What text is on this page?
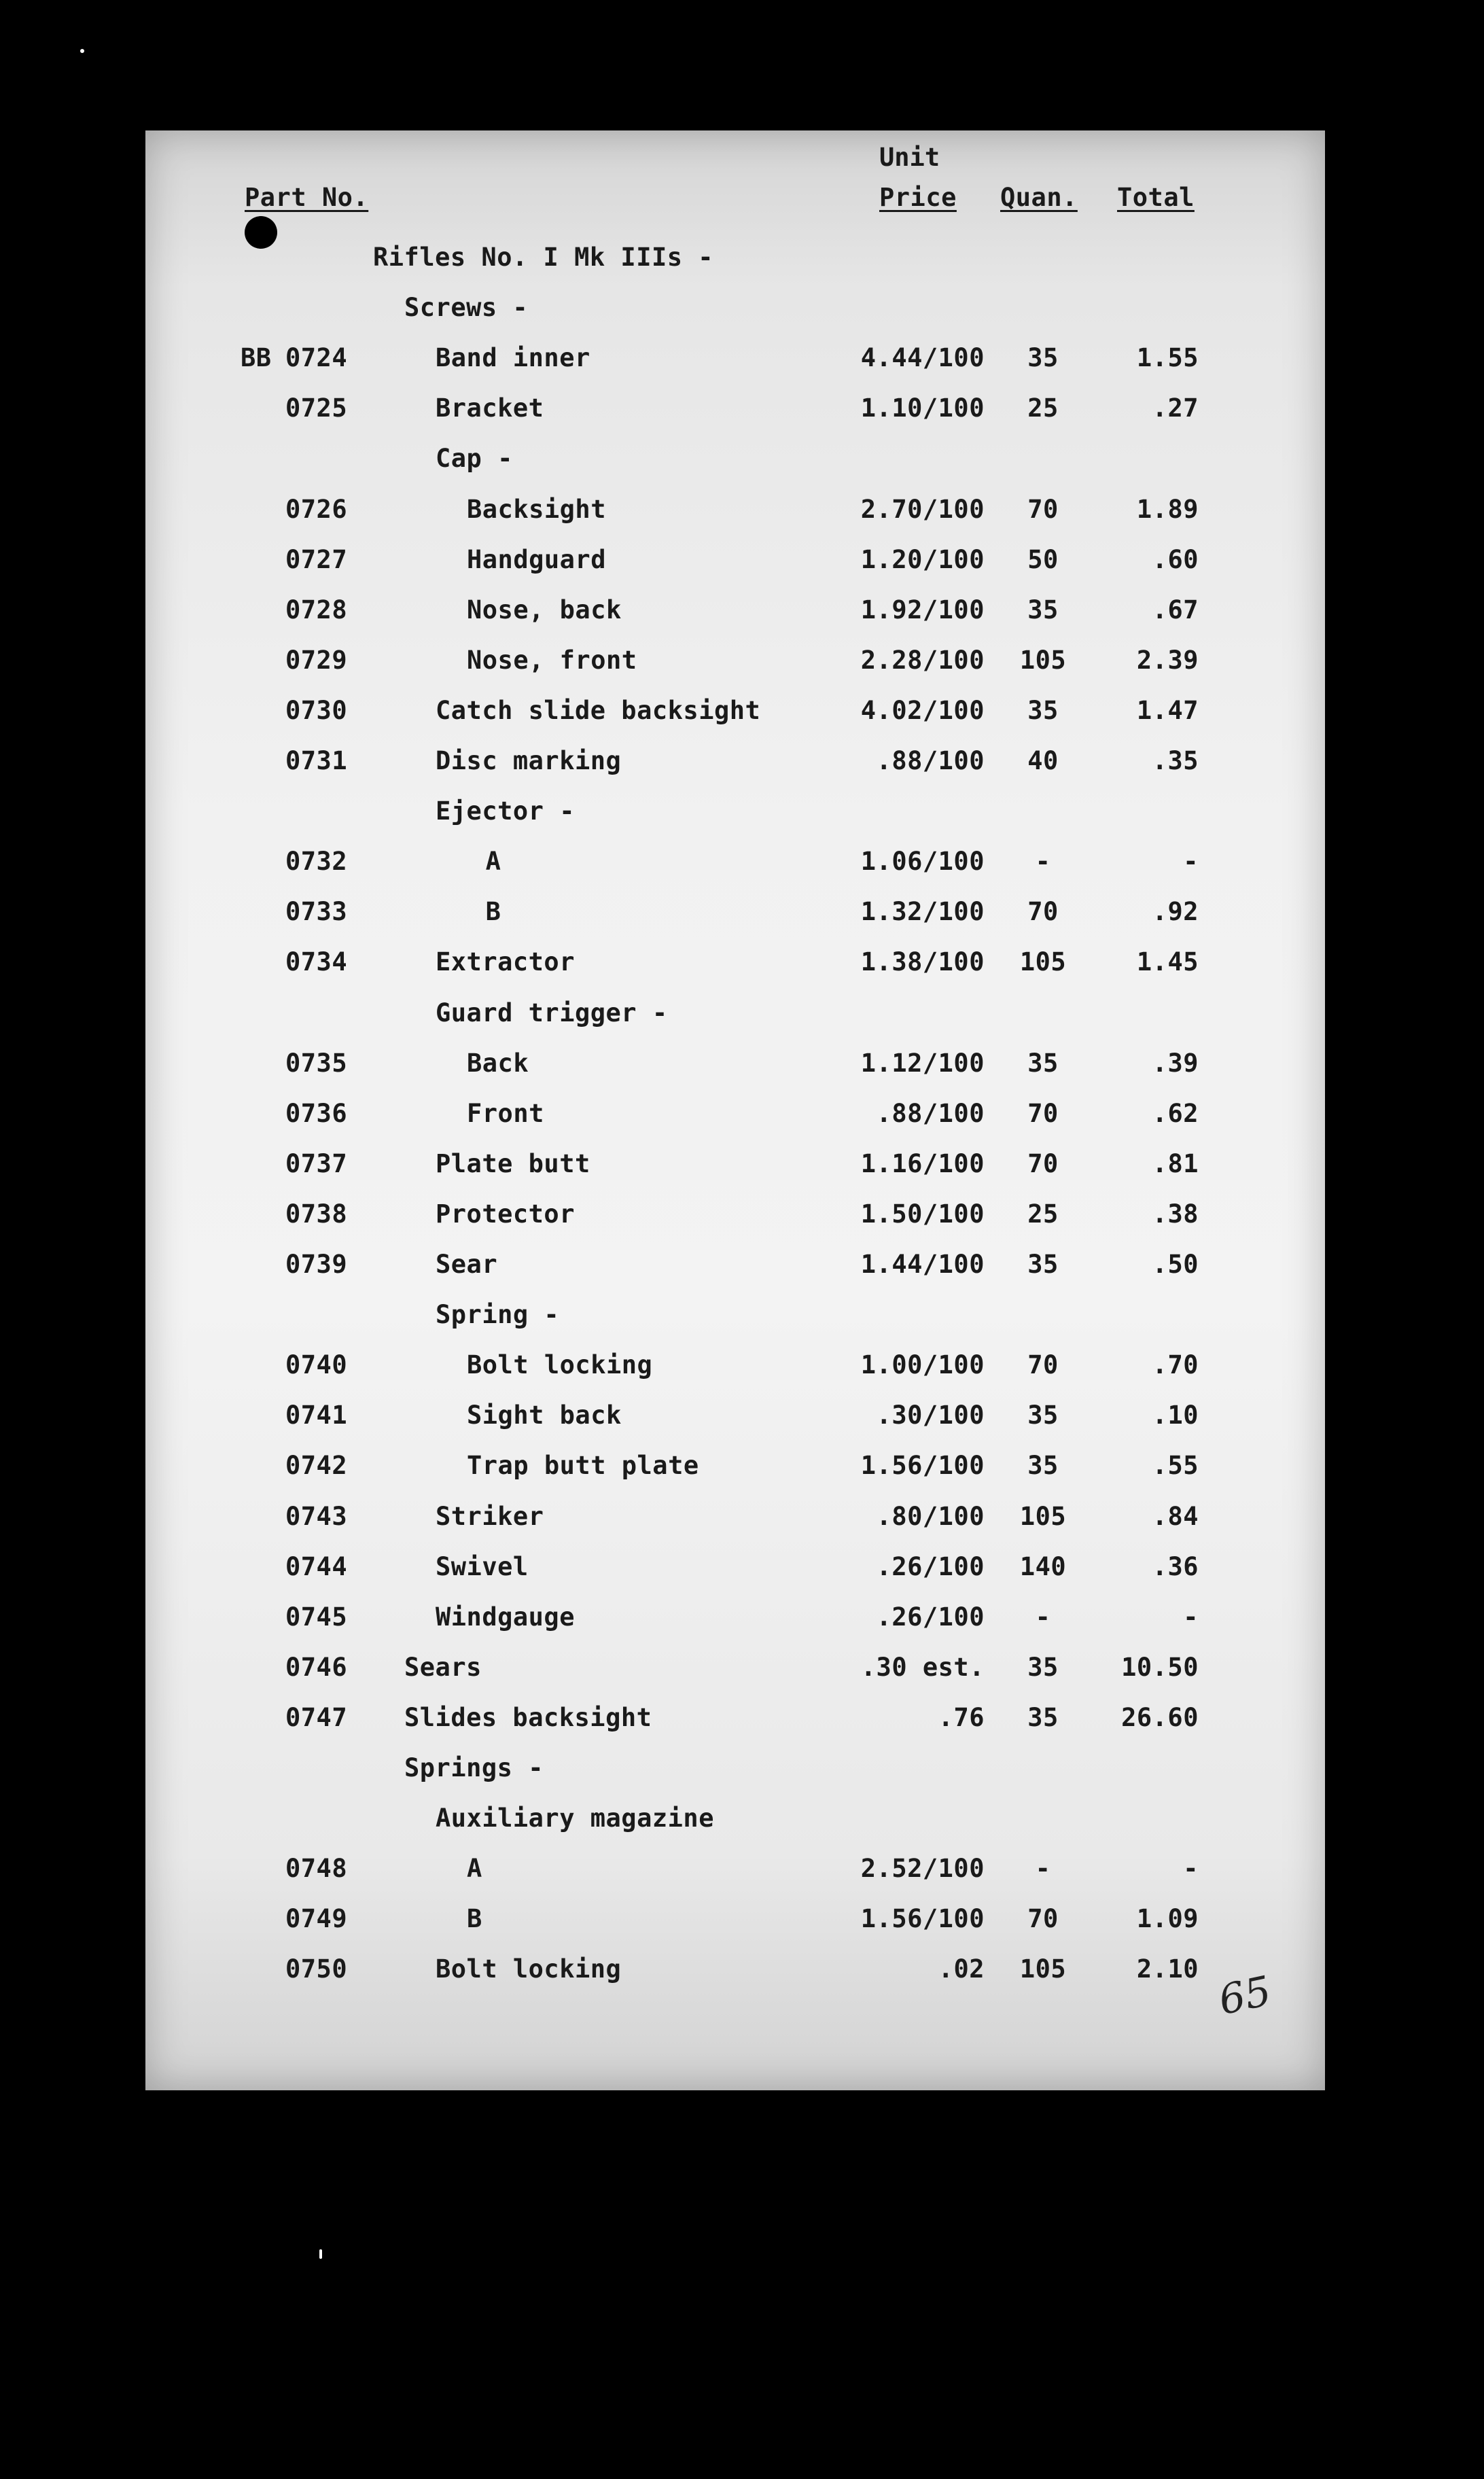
Unit
Part No.	Price Quan. Total
Rifles No. I Mk IIIs -
Screws -
BB 0724	Band inner	4.44/100	35	1.55
0725	Bracket	1.10/100	25	.27
Cap -
0726	Backsight	2.70/100	70	1.89
0727	Handguard	1.20/100	50	.60
0728	Nose, back	1.92/100	35	.67
0729	Nose, front	2.28/100	105	2.39
0730	Catch slide backsight	4.02/100	35	1.47
0731	Disc marking	.88/100	40	.35
Ejector -
0732	A	1.06/100	-	-
0733	B	1.32/100	70	.92
0734	Extractor	1.38/100	105	1.45
Guard trigger -
0735	Back	1.12/100	35	.39
0736	Front	.88/100	70	.62
0737	Plate butt	1.16/100	70	.81
0738	Protector	1.50/100	25	.38
0739	Sear	1.44/100	35	.50
Spring -
0740	Bolt locking	1.00/100	70	.70
0741	Sight back	.30/100	35	.10
0742	Trap butt plate	1.56/100	35	.55
0743	Striker	.80/100	105	.84
0744	Swivel	.26/100	140	.36
0745	Windgauge	.26/100	-	-
0746 Sears	.30 est.	35	10.50
0747 Slides backsight	.76	35	26.60
Springs -
Auxiliary magazine
0748	A	2.52/100	-	-
0749	B	1.56/100	70	1.09
0750	Bolt locking	.02	105	2.10 65
